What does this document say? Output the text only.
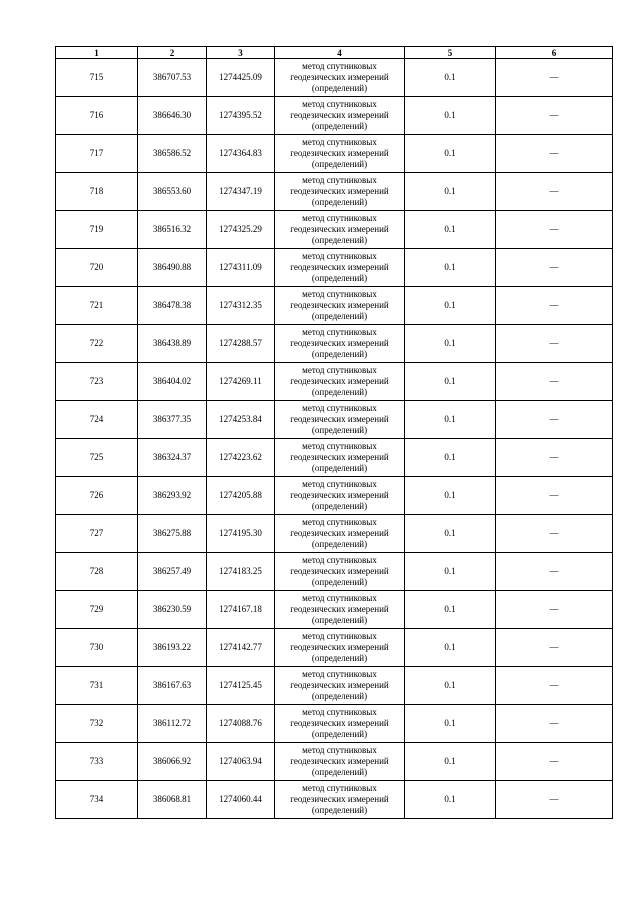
1	2	3	4	5	6
715	386707.53	1274425.09	метод спутниковых
геодезических измерений
(определений)	0.1	—
716	386646.30	1274395.52	метод спутниковых
геодезических измерений
(определений)	0.1	—
717	386586.52	1274364.83	метод спутниковых
геодезических измерений
(определений)	0.1	—
718	386553.60	1274347.19	метод спутниковых
геодезических измерений
(определений)	0.1	—
719	386516.32	1274325.29	метод спутниковых
геодезических измерений
(определений)	0.1	—
720	386490.88	1274311.09	метод спутниковых
геодезических измерений
(определений)	0.1	—
721	386478.38	1274312.35	метод спутниковых
геодезических измерений
(определений)	0.1	—
722	386438.89	1274288.57	метод спутниковых
геодезических измерений
(определений)	0.1	—
723	386404.02	1274269.11	метод спутниковых
геодезических измерений
(определений)	0.1	—
724	386377.35	1274253.84	метод спутниковых
геодезических измерений
(определений)	0.1	—
725	386324.37	1274223.62	метод спутниковых
геодезических измерений
(определений)	0.1	—
726	386293.92	1274205.88	метод спутниковых
геодезических измерений
(определений)	0.1	—
727	386275.88	1274195.30	метод спутниковых
геодезических измерений
(определений)	0.1	—
728	386257.49	1274183.25	метод спутниковых
геодезических измерений
(определений)	0.1	—
729	386230.59	1274167.18	метод спутниковых
геодезических измерений
(определений)	0.1	—
730	386193.22	1274142.77	метод спутниковых
геодезических измерений
(определений)	0.1	—
731	386167.63	1274125.45	метод спутниковых
геодезических измерений
(определений)	0.1	—
732	386112.72	1274088.76	метод спутниковых
геодезических измерений
(определений)	0.1	—
733	386066.92	1274063.94	метод спутниковых
геодезических измерений
(определений)	0.1	—
734	386068.81	1274060.44	метод спутниковых
геодезических измерений
(определений)	0.1	—
